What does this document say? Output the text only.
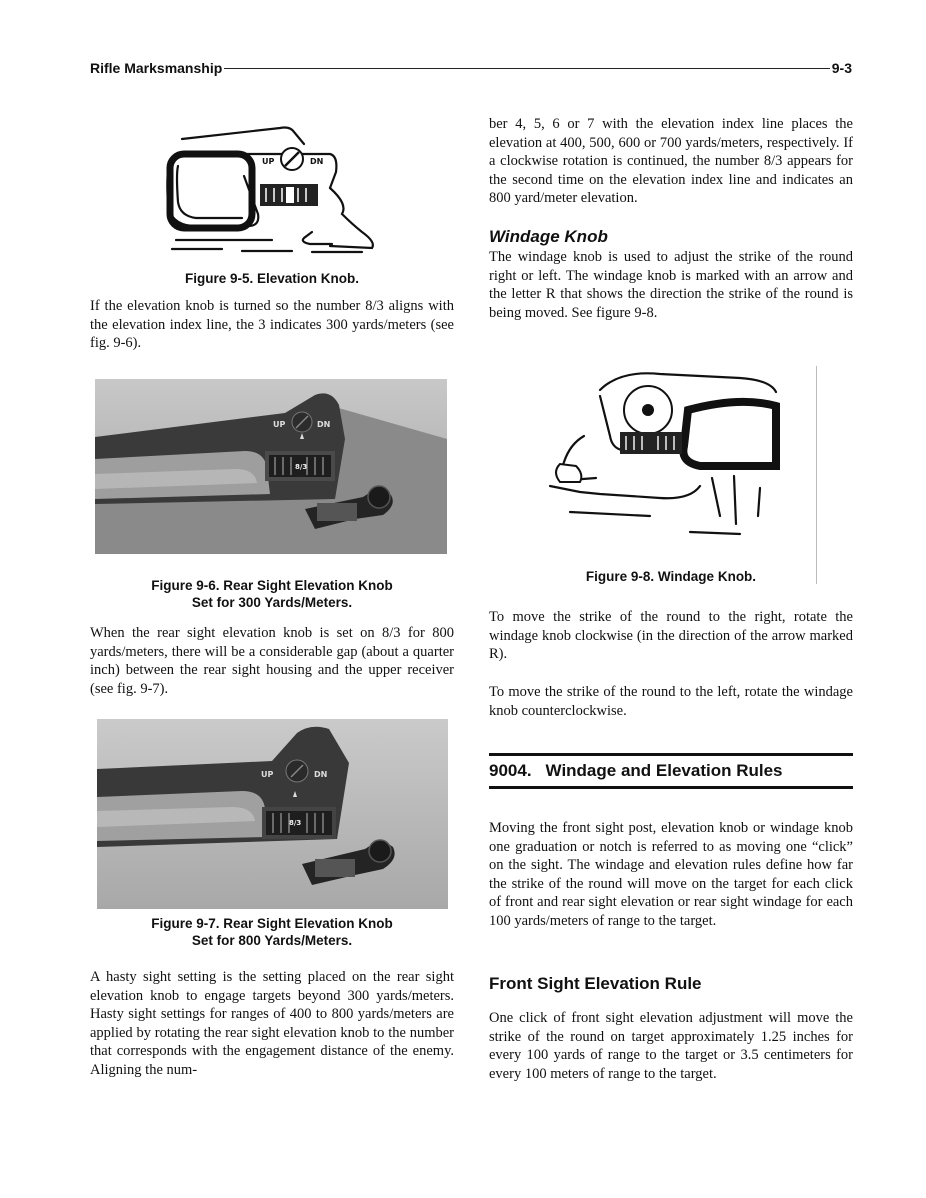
Rifle Marksmanship	9-3
UP	DN
Figure 9-5. Elevation Knob.

If the elevation knob is turned so the number 8/3 aligns with the elevation index line, the 3 indicates 300 yards/meters (see fig. 9-6).

UP	DN
8/3
Figure 9-6. Rear Sight Elevation Knob
Set for 300 Yards/Meters.

When the rear sight elevation knob is set on 8/3 for 800 yards/meters, there will be a considerable gap (about a quarter inch) between the rear sight housing and the upper receiver (see fig. 9-7).

UP	DN
8/3
Figure 9-7. Rear Sight Elevation Knob
Set for 800 Yards/Meters.

A hasty sight setting is the setting placed on the rear sight elevation knob to engage targets beyond 300 yards/meters. Hasty sight settings for ranges of 400 to 800 yards/meters are applied by rotating the rear sight elevation knob to the number that corresponds with the engagement distance of the enemy. Aligning the num-

ber 4, 5, 6 or 7 with the elevation index line places the elevation at 400, 500, 600 or 700 yards/meters, respectively. If a clockwise rotation is continued, the number 8/3 appears for the second time on the elevation index line and indicates an 800 yard/meter elevation.

Windage Knob

The windage knob is used to adjust the strike of the round right or left. The windage knob is marked with an arrow and the letter R that shows the direction the strike of the round is being moved. See figure 9-8.

Figure 9-8. Windage Knob.

To move the strike of the round to the right, rotate the windage knob clockwise (in the direction of the arrow marked R).

To move the strike of the round to the left, rotate the windage knob counterclockwise.

9004. Windage and Elevation Rules

Moving the front sight post, elevation knob or windage knob one graduation or notch is referred to as moving one “click” on the sight. The windage and elevation rules define how far the strike of the round will move on the target for each click of front and rear sight elevation or rear sight windage for each 100 yards/meters of range to the target.

Front Sight Elevation Rule

One click of front sight elevation adjustment will move the strike of the round on target approximately 1.25 inches for every 100 yards of range to the target or 3.5 centimeters for every 100 meters of range to the target.
